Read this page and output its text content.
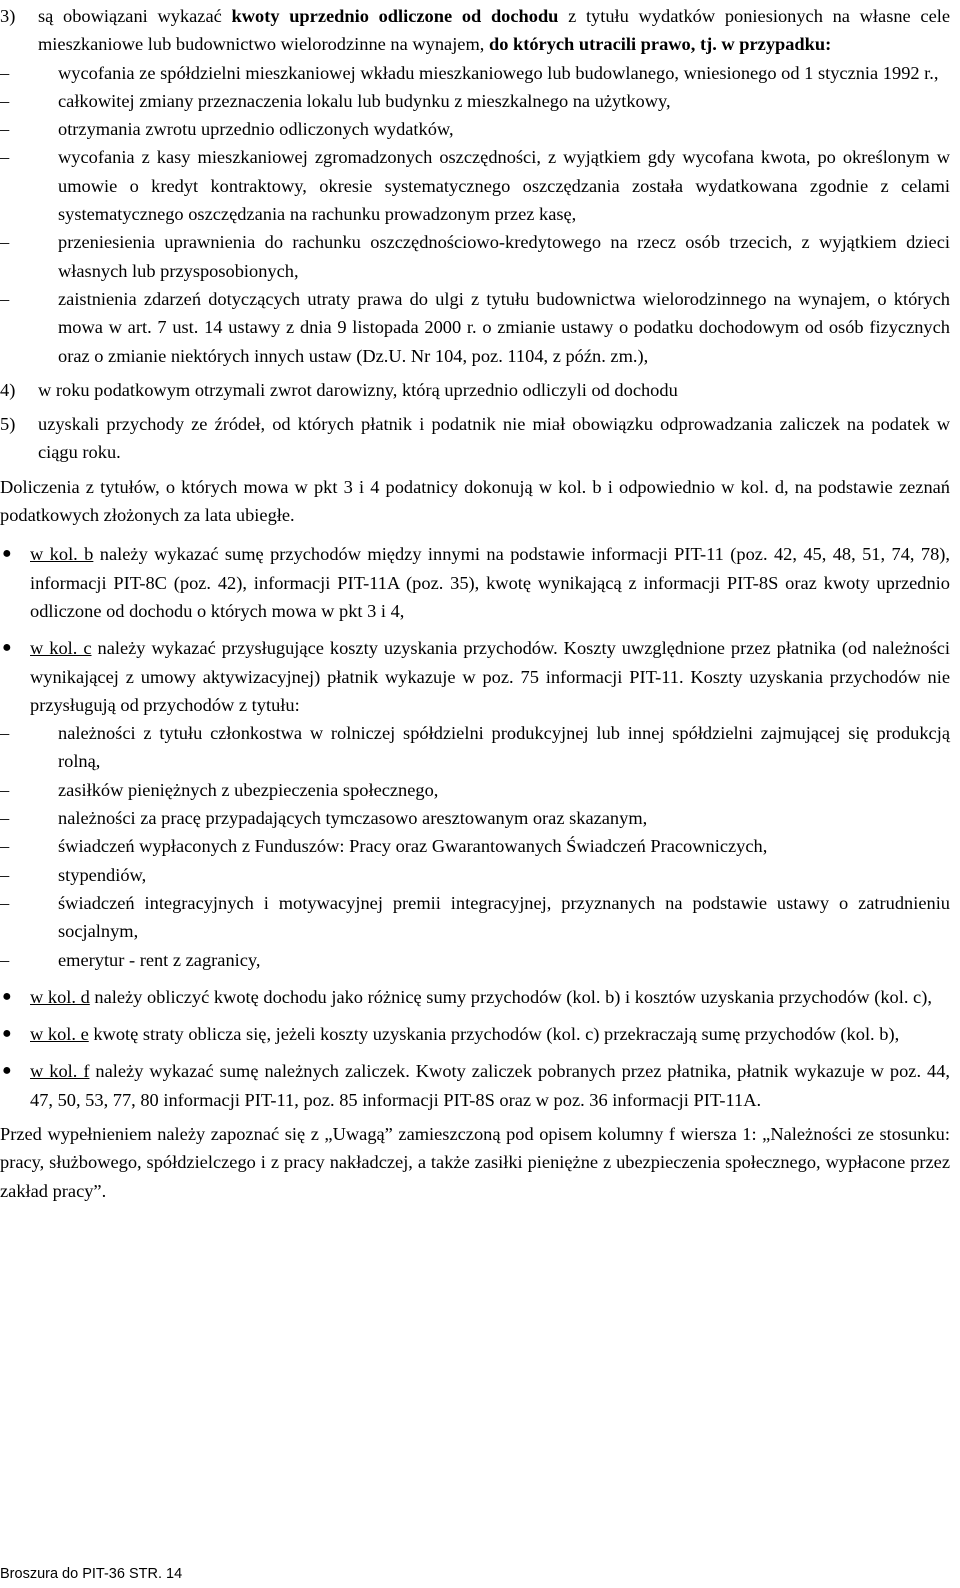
3) są obowiązani wykazać kwoty uprzednio odliczone od dochodu z tytułu wydatków poniesionych na własne cele mieszkaniowe lub budownictwo wielorodzinne na wynajem, do których utracili prawo, tj. w przypadku:

–	wycofania ze spółdzielni mieszkaniowej wkładu mieszkaniowego lub budowlanego, wniesionego od 1 stycznia 1992 r.,

–	całkowitej zmiany przeznaczenia lokalu lub budynku z mieszkalnego na użytkowy,

–	otrzymania zwrotu uprzednio odliczonych wydatków,

–	wycofania z kasy mieszkaniowej zgromadzonych oszczędności, z wyjątkiem gdy wycofana kwota, po określonym w umowie o kredyt kontraktowy, okresie systematycznego oszczędzania została wydatkowana zgodnie z celami systematycznego oszczędzania na rachunku prowadzonym przez kasę,

–	przeniesienia uprawnienia do rachunku oszczędnościowo-kredytowego na rzecz osób trzecich, z wyjątkiem dzieci własnych lub przysposobionych,

–	zaistnienia zdarzeń dotyczących utraty prawa do ulgi z tytułu budownictwa wielorodzinnego na wynajem, o których mowa w art. 7 ust. 14 ustawy z dnia 9 listopada 2000 r. o zmianie ustawy o podatku dochodowym od osób fizycznych oraz o zmianie niektórych innych ustaw (Dz.U. Nr 104, poz. 1104, z późn. zm.),

4) w roku podatkowym otrzymali zwrot darowizny, którą uprzednio odliczyli od dochodu

5) uzyskali przychody ze źródeł, od których płatnik i podatnik nie miał obowiązku odprowadzania zaliczek na podatek w ciągu roku.

Doliczenia z tytułów, o których mowa w pkt 3 i 4 podatnicy dokonują w kol. b i odpowiednio w kol. d, na podstawie zeznań podatkowych złożonych za lata ubiegłe.

● w kol. b należy wykazać sumę przychodów między innymi na podstawie informacji PIT-11 (poz. 42, 45, 48, 51, 74, 78), informacji PIT-8C (poz. 42), informacji PIT-11A (poz. 35), kwotę wynikającą z informacji PIT-8S oraz kwoty uprzednio odliczone od dochodu o których mowa w pkt 3 i 4,

● w kol. c należy wykazać przysługujące koszty uzyskania przychodów. Koszty uwzględnione przez płatnika (od należności wynikającej z umowy aktywizacyjnej) płatnik wykazuje w poz. 75 informacji PIT-11. Koszty uzyskania przychodów nie przysługują od przychodów z tytułu:

–	należności z tytułu członkostwa w rolniczej spółdzielni produkcyjnej lub innej spółdzielni zajmującej się produkcją rolną,

–	zasiłków pieniężnych z ubezpieczenia społecznego,

–	należności za pracę przypadających tymczasowo aresztowanym oraz skazanym,

–	świadczeń wypłaconych z Funduszów: Pracy oraz Gwarantowanych Świadczeń Pracowniczych,

–	stypendiów,

–	świadczeń integracyjnych i motywacyjnej premii integracyjnej, przyznanych na podstawie ustawy o zatrudnieniu socjalnym,

–	emerytur - rent z zagranicy,

● w kol. d należy obliczyć kwotę dochodu jako różnicę sumy przychodów (kol. b) i kosztów uzyskania przychodów (kol. c),

● w kol. e kwotę straty oblicza się, jeżeli koszty uzyskania przychodów (kol. c) przekraczają sumę przychodów (kol. b),

● w kol. f należy wykazać sumę należnych zaliczek. Kwoty zaliczek pobranych przez płatnika, płatnik wykazuje w poz. 44, 47, 50, 53, 77, 80 informacji PIT-11, poz. 85 informacji PIT-8S oraz w poz. 36 informacji PIT-11A.

Przed wypełnieniem należy zapoznać się z „Uwagą” zamieszczoną pod opisem kolumny f wiersza 1: „Należności ze stosunku: pracy, służbowego, spółdzielczego i z pracy nakładczej, a także zasiłki pieniężne z ubezpieczenia społecznego, wypłacone przez zakład pracy”.

Broszura do PIT-36 STR. 14
